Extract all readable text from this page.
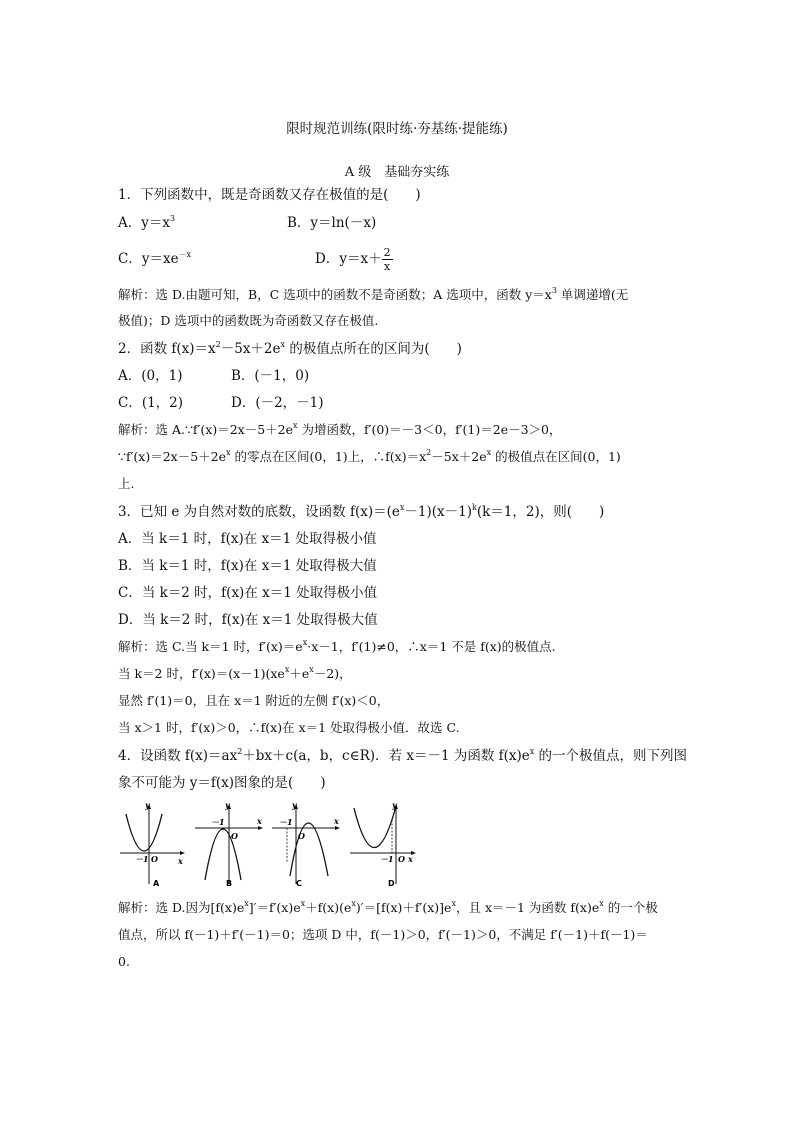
限时规范训练(限时练·夯基练·提能练)
A 级　基础夯实练
1．下列函数中，既是奇函数又存在极值的是(　　)
A．$y=x^3$	B．y＝ln(－x)
C．$y=xe^{-x}$	D．$y=x+ \frac{2}{x}$
解析：选 D.由题可知，B，C 选项中的函数不是奇函数；A 选项中，函数 $y=x^3$ 单调递增(无
极值)；D 选项中的函数既为奇函数又存在极值.
2．函数 $f(x)=x^2-5x+2e^x$ 的极值点所在的区间为(　　)
A．(0，1)	B．(－1，0)
C．(1，2)	D．(－2，－1)
解析：选 $A.\because f'(x)=2x-5+2e^x$ 为增函数，f′(0)＝－3＜0，f′(1)＝2e－3＞0，
$\because f'(x)=2x-5+2e^x$ 的零点在区间(0，1)上，$\therefore f(x)=x^2-5x+2e^x$ 的极值点在区间(0，1)
上.
3．已知 e 为自然对数的底数，设函数 $f(x)=(e^x-1)(x-1)^k(k=1$，2)，则(　　)
A．当 k＝1 时，f(x)在 x＝1 处取得极小值
B．当 k＝1 时，f(x)在 x＝1 处取得极大值
C．当 k＝2 时，f(x)在 x＝1 处取得极小值
D．当 k＝2 时，f(x)在 x＝1 处取得极大值
解析：选 C.当 k＝1 时，$f'(x)=e^x\cdot x-1$，f′(1)≠0，∴x＝1 不是 f(x)的极值点.
当 k＝2 时，$f'(x)=(x-1)(xe^x+e^x-2)$，
显然 f′(1)＝0，且在 x＝1 附近的左侧 f′(x)＜0，
当 x＞1 时，f′(x)＞0，∴f(x)在 x＝1 处取得极小值．故选 C.
4．设函数 $f(x)=ax^2+bx+c(a$，b，c∈R)．若 x＝－1 为函数 $f(x)e^x$ 的一个极值点，则下列图
象不可能为 y＝f(x)图象的是(　　)
y
x
O
－1
A
y
x
O
－1
B
y
x
O
－1
C
y
x
O
－1
D
解析：选 D.因为$[f(x)e^x]'=f'(x)e^x+f(x)(e^x)'=[f(x)+f'(x)]e^x$，且 x＝－1 为函数 $f(x)e^x$ 的一个极
值点，所以 f(－1)＋f′(－1)＝0；选项 D 中，f(－1)＞0，f′(－1)＞0，不满足 f′(－1)＋f(－1)＝
0.
